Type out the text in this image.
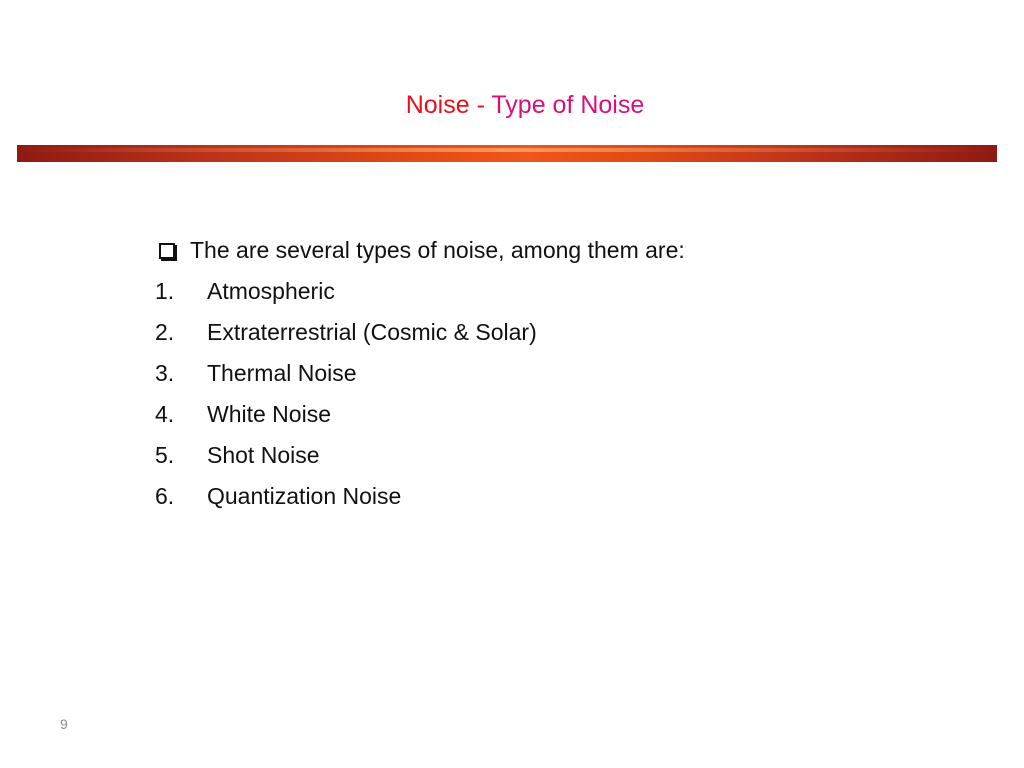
Noise - Type of Noise
The are several types of noise, among them are:
1.	Atmospheric
2.	Extraterrestrial (Cosmic & Solar)
3.	Thermal Noise
4.	White Noise
5.	Shot Noise
6.	Quantization Noise
9
